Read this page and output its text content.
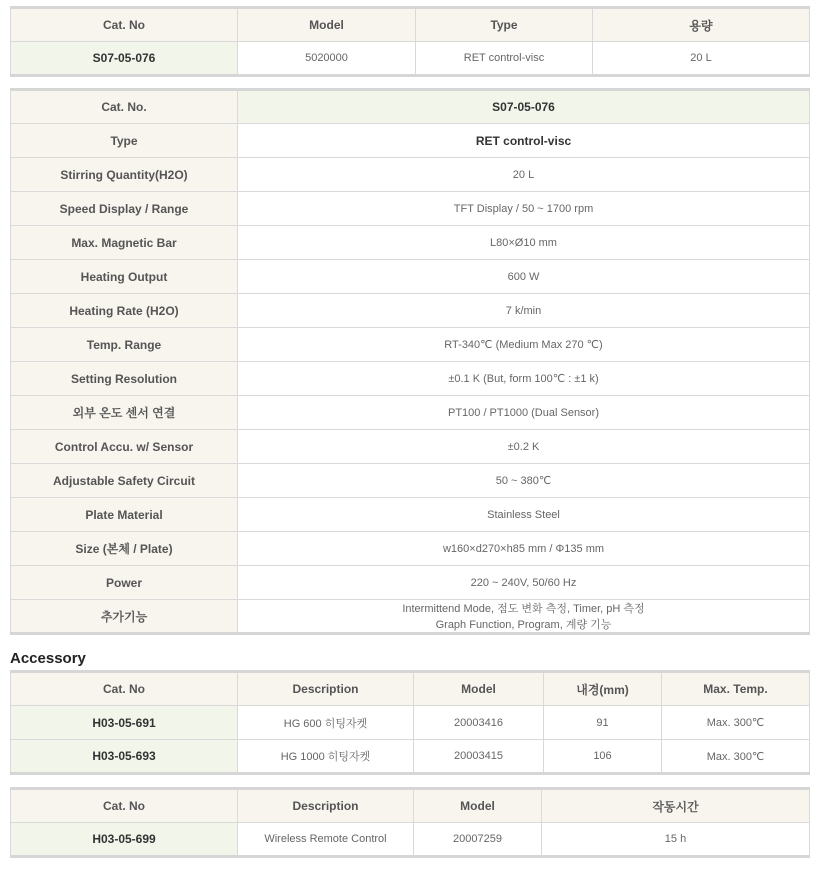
Cat. No	Model	Type	용량
S07-05-076	5020000	RET control-visc	20 L
Cat. No.	S07-05-076
Type	RET control-visc
Stirring Quantity(H2O)	20 L
Speed Display / Range	TFT Display / 50 ~ 1700 rpm
Max. Magnetic Bar	L80×Ø10 mm
Heating Output	600 W
Heating Rate (H2O)	7 k/min
Temp. Range	RT-340℃ (Medium Max 270 ℃)
Setting Resolution	±0.1 K (But, form 100℃ : ±1 k)
외부 온도 센서 연결	PT100 / PT1000 (Dual Sensor)
Control Accu. w/ Sensor	±0.2 K
Adjustable Safety Circuit	50 ~ 380℃
Plate Material	Stainless Steel
Size (본체 / Plate)	w160×d270×h85 mm / Φ135 mm
Power	220 ~ 240V, 50/60 Hz
추가기능	Intermittend Mode, 점도 변화 측정, Timer, pH 측정
Graph Function, Program, 계량 기능
Accessory
Cat. No	Description	Model	내경(mm)	Max. Temp.
H03-05-691	HG 600 히팅자켓	20003416	91	Max. 300℃
H03-05-693	HG 1000 히팅자켓	20003415	106	Max. 300℃
Cat. No	Description	Model	작동시간
H03-05-699	Wireless Remote Control	20007259	15 h
